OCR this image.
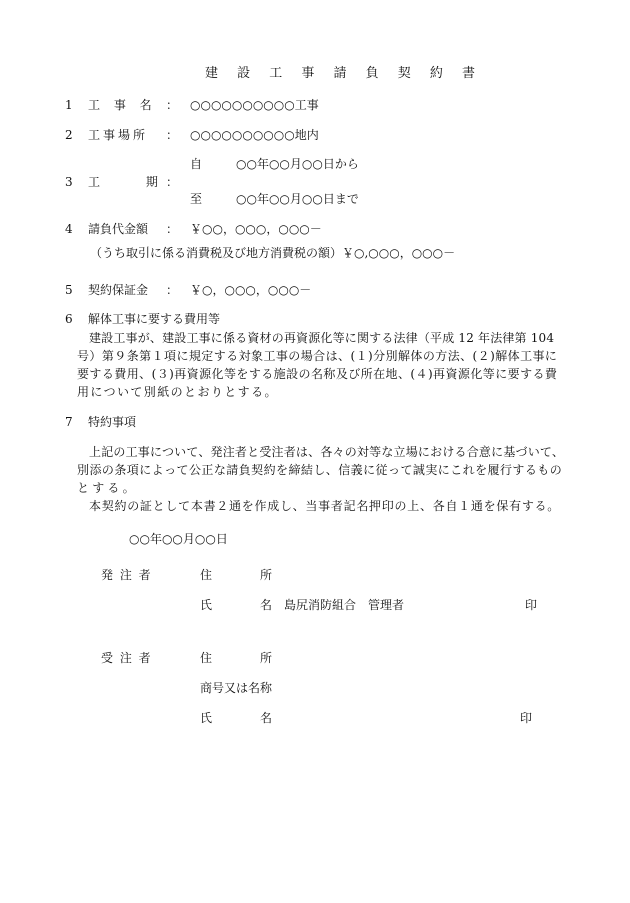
建 設 工 事 請 負 契 約 書
1 工 事 名 ： ○○○○○○○○○○工事
2 工事場所 ： ○○○○○○○○○○地内
自	○○年○○月○○日から
3 工 期 ：
至	○○年○○月○○日まで
4 請負代金額 ： ￥○○，○○○，○○○－
（うち取引に係る消費税及び地方消費税の額）￥○,○○○，○○○－
5 契約保証金 ： ￥○，○○○，○○○－
6 解体工事に要する費用等
建設工事が、建設工事に係る資材の再資源化等に関する法律（平成 12 年法律第 104
号）第９条第１項に規定する対象工事の場合は、(１)分別解体の方法、(２)解体工事に
要する費用、(３)再資源化等をする施設の名称及び所在地、(４)再資源化等に要する費
用について別紙のとおりとする。
7 特約事項
上記の工事について、発注者と受注者は、各々の対等な立場における合意に基づいて、
別添の条項によって公正な請負契約を締結し、信義に従って誠実にこれを履行するもの
とする。
本契約の証として本書２通を作成し、当事者記名押印の上、各自１通を保有する。
○○年○○月○○日
発 注 者	住	所
氏	名 島尻消防組合　管理者	印
受 注 者	住	所
商号又は名称
氏	名	印
